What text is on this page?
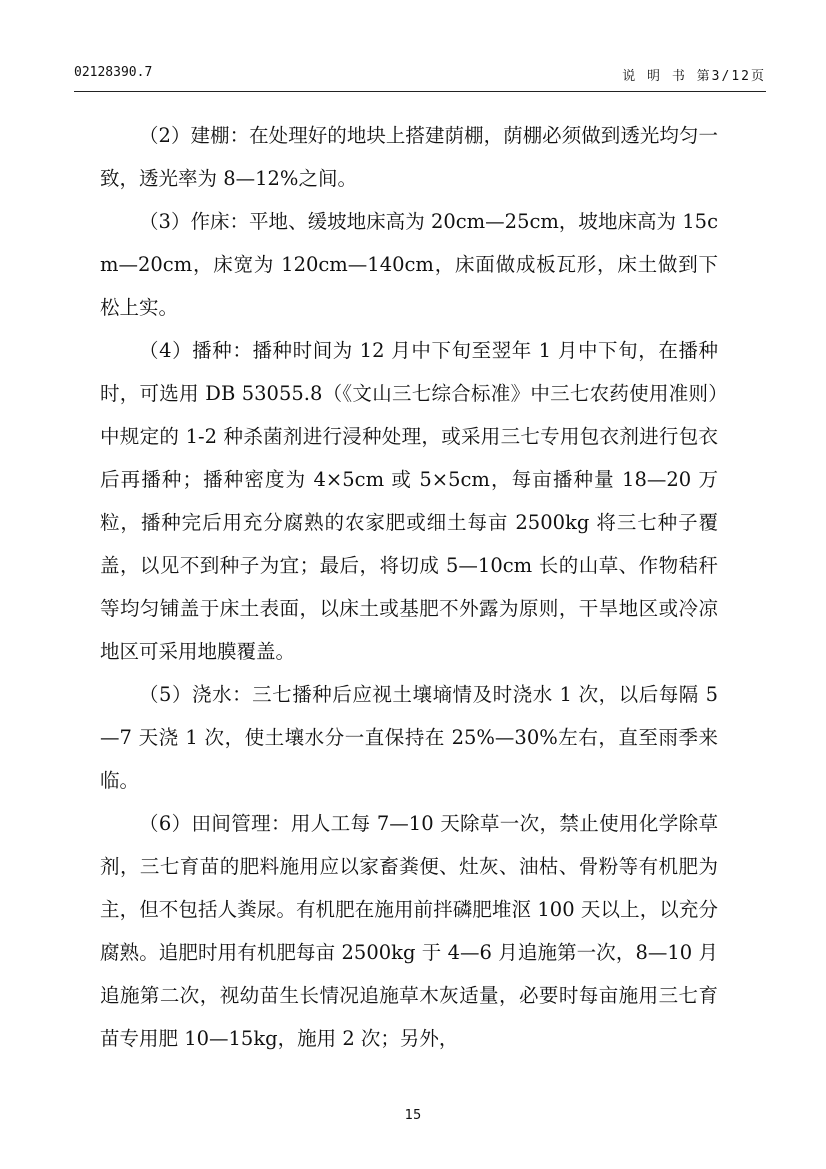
02128390.7	说 明 书 第3/12页

（2）建棚：在处理好的地块上搭建荫棚，荫棚必须做到透光均匀一致，透光率为 8—12%之间。

（3）作床：平地、缓坡地床高为 20cm—25cm，坡地床高为 15cm—20cm，床宽为 120cm—140cm，床面做成板瓦形，床土做到下松上实。

（4）播种：播种时间为 12 月中下旬至翌年 1 月中下旬，在播种时，可选用 DB 53055.8（《文山三七综合标准》中三七农药使用准则）中规定的 1-2 种杀菌剂进行浸种处理，或采用三七专用包衣剂进行包衣后再播种；播种密度为 4×5cm 或 5×5cm，每亩播种量 18—20 万粒，播种完后用充分腐熟的农家肥或细土每亩 2500kg 将三七种子覆盖，以见不到种子为宜；最后，将切成 5—10cm 长的山草、作物秸秆等均匀铺盖于床土表面，以床土或基肥不外露为原则，干旱地区或冷凉地区可采用地膜覆盖。

（5）浇水：三七播种后应视土壤墒情及时浇水 1 次，以后每隔 5—7 天浇 1 次，使土壤水分一直保持在 25%—30%左右，直至雨季来临。

（6）田间管理：用人工每 7—10 天除草一次，禁止使用化学除草剂，三七育苗的肥料施用应以家畜粪便、灶灰、油枯、骨粉等有机肥为主，但不包括人粪尿。有机肥在施用前拌磷肥堆沤 100 天以上，以充分腐熟。追肥时用有机肥每亩 2500kg 于 4—6 月追施第一次，8—10 月追施第二次，视幼苗生长情况追施草木灰适量，必要时每亩施用三七育苗专用肥 10—15kg，施用 2 次；另外，

15
